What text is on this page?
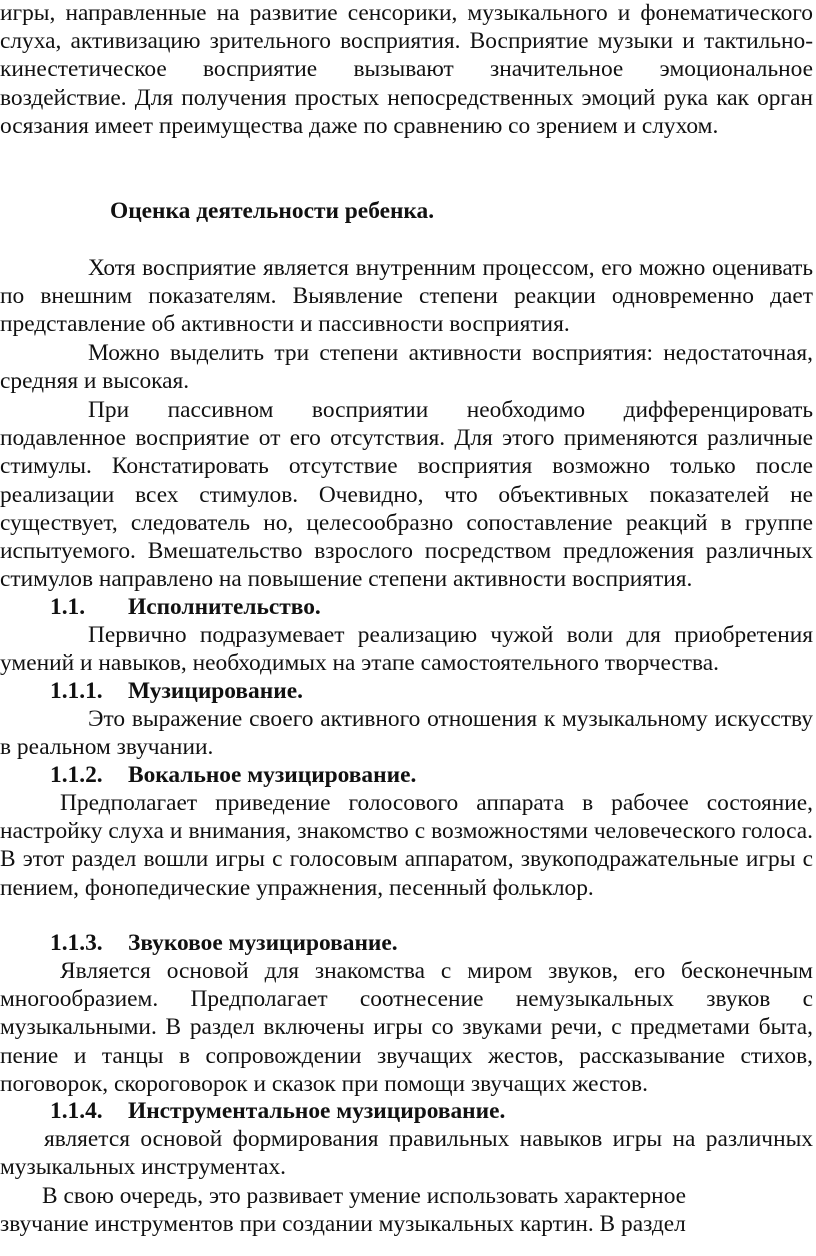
игры, направленные на развитие сенсорики, музыкального и фонематического слуха, активизацию зрительного восприятия. Восприятие музыки и тактильно-кинестетическое восприятие вызывают значительное эмоциональное воздействие. Для получения простых непосредственных эмоций рука как орган осязания имеет преимущества даже по сравнению со зрением и слухом.

Оценка деятельности ребенка.

Хотя восприятие является внутренним процессом, его можно оценивать по внешним показателям. Выявление степени реакции одновременно дает представление об активности и пассивности восприятия.

Можно выделить три степени активности восприятия: недостаточная, средняя и высокая.

При пассивном восприятии необходимо дифференцировать подавленное восприятие от его отсутствия. Для этого применяются различные стимулы. Констатировать отсутствие восприятия возможно только после реализации всех стимулов. Очевидно, что объективных показателей не существует, следователь но, целесообразно сопоставление реакций в группе испытуемого. Вмешательство взрослого посредством предложения различных стимулов направлено на повышение степени активности восприятия.

1.1. Исполнительство.

Первично подразумевает реализацию чужой воли для приобретения умений и навыков, необходимых на этапе самостоятельного творчества.

1.1.1. Музицирование.

Это выражение своего активного отношения к музыкальному искусству в реальном звучании.

1.1.2. Вокальное музицирование.

Предполагает приведение голосового аппарата в рабочее состояние, настройку слуха и внимания, знакомство с возможностями человеческого голоса. В этот раздел вошли игры с голосовым аппаратом, звукоподражательные игры с пением, фонопедические упражнения, песенный фольклор.

1.1.3. Звуковое музицирование.

Является основой для знакомства с миром звуков, его бесконечным многообразием. Предполагает соотнесение немузыкальных звуков с музыкальными. В раздел включены игры со звуками речи, с предметами быта, пение и танцы в сопровождении звучащих жестов, рассказывание стихов, поговорок, скороговорок и сказок при помощи звучащих жестов.

1.1.4. Инструментальное музицирование.

является основой формирования правильных навыков игры на различных музыкальных инструментах.

В свою очередь, это развивает умение использовать характерное
звучание инструментов при создании музыкальных картин. В раздел
